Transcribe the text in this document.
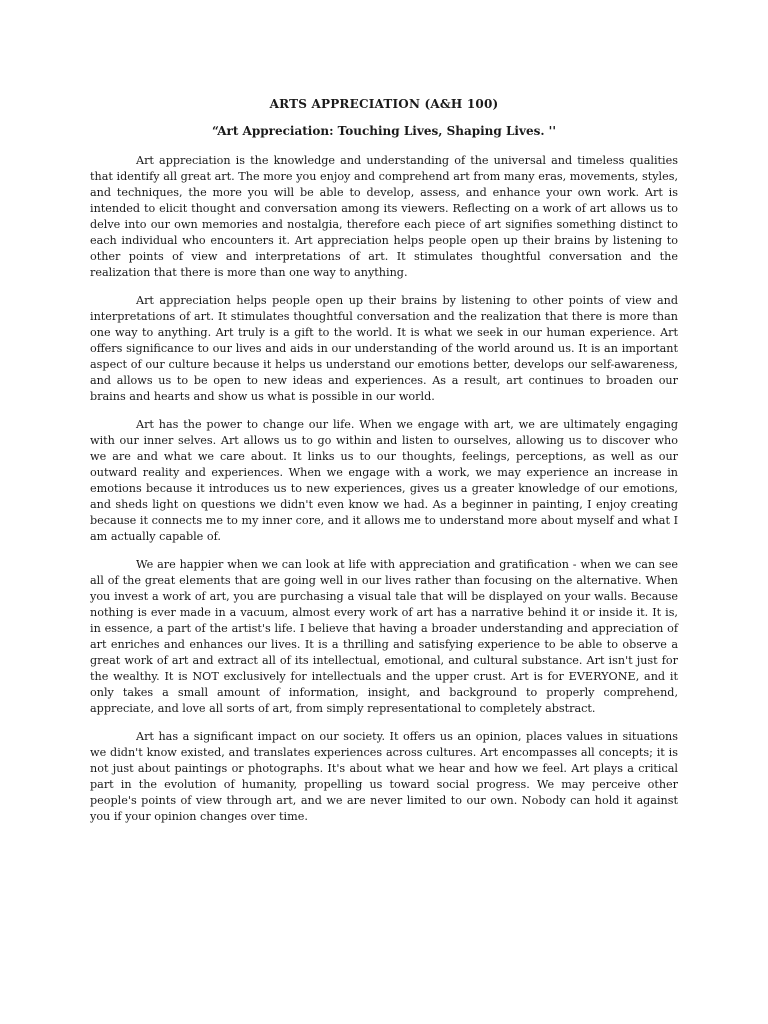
ARTS APPRECIATION (A&H 100)
“Art Appreciation: Touching Lives, Shaping Lives. ''

Art appreciation is the knowledge and understanding of the universal and timeless qualities that identify all great art. The more you enjoy and comprehend art from many eras, movements, styles, and techniques, the more you will be able to develop, assess, and enhance your own work. Art is intended to elicit thought and conversation among its viewers. Reflecting on a work of art allows us to delve into our own memories and nostalgia, therefore each piece of art signifies something distinct to each individual who encounters it. Art appreciation helps people open up their brains by listening to other points of view and interpretations of art. It stimulates thoughtful conversation and the realization that there is more than one way to anything.

Art appreciation helps people open up their brains by listening to other points of view and interpretations of art. It stimulates thoughtful conversation and the realization that there is more than one way to anything. Art truly is a gift to the world. It is what we seek in our human experience. Art offers significance to our lives and aids in our understanding of the world around us. It is an important aspect of our culture because it helps us understand our emotions better, develops our self-awareness, and allows us to be open to new ideas and experiences. As a result, art continues to broaden our brains and hearts and show us what is possible in our world.

Art has the power to change our life. When we engage with art, we are ultimately engaging with our inner selves. Art allows us to go within and listen to ourselves, allowing us to discover who we are and what we care about. It links us to our thoughts, feelings, perceptions, as well as our outward reality and experiences. When we engage with a work, we may experience an increase in emotions because it introduces us to new experiences, gives us a greater knowledge of our emotions, and sheds light on questions we didn't even know we had. As a beginner in painting, I enjoy creating because it connects me to my inner core, and it allows me to understand more about myself and what I am actually capable of.

We are happier when we can look at life with appreciation and gratification - when we can see all of the great elements that are going well in our lives rather than focusing on the alternative. When you invest a work of art, you are purchasing a visual tale that will be displayed on your walls. Because nothing is ever made in a vacuum, almost every work of art has a narrative behind it or inside it. It is, in essence, a part of the artist's life. I believe that having a broader understanding and appreciation of art enriches and enhances our lives. It is a thrilling and satisfying experience to be able to observe a great work of art and extract all of its intellectual, emotional, and cultural substance. Art isn't just for the wealthy. It is NOT exclusively for intellectuals and the upper crust. Art is for EVERYONE, and it only takes a small amount of information, insight, and background to properly comprehend, appreciate, and love all sorts of art, from simply representational to completely abstract.

Art has a significant impact on our society. It offers us an opinion, places values in situations we didn't know existed, and translates experiences across cultures. Art encompasses all concepts; it is not just about paintings or photographs. It's about what we hear and how we feel. Art plays a critical part in the evolution of humanity, propelling us toward social progress. We may perceive other people's points of view through art, and we are never limited to our own. Nobody can hold it against you if your opinion changes over time.
